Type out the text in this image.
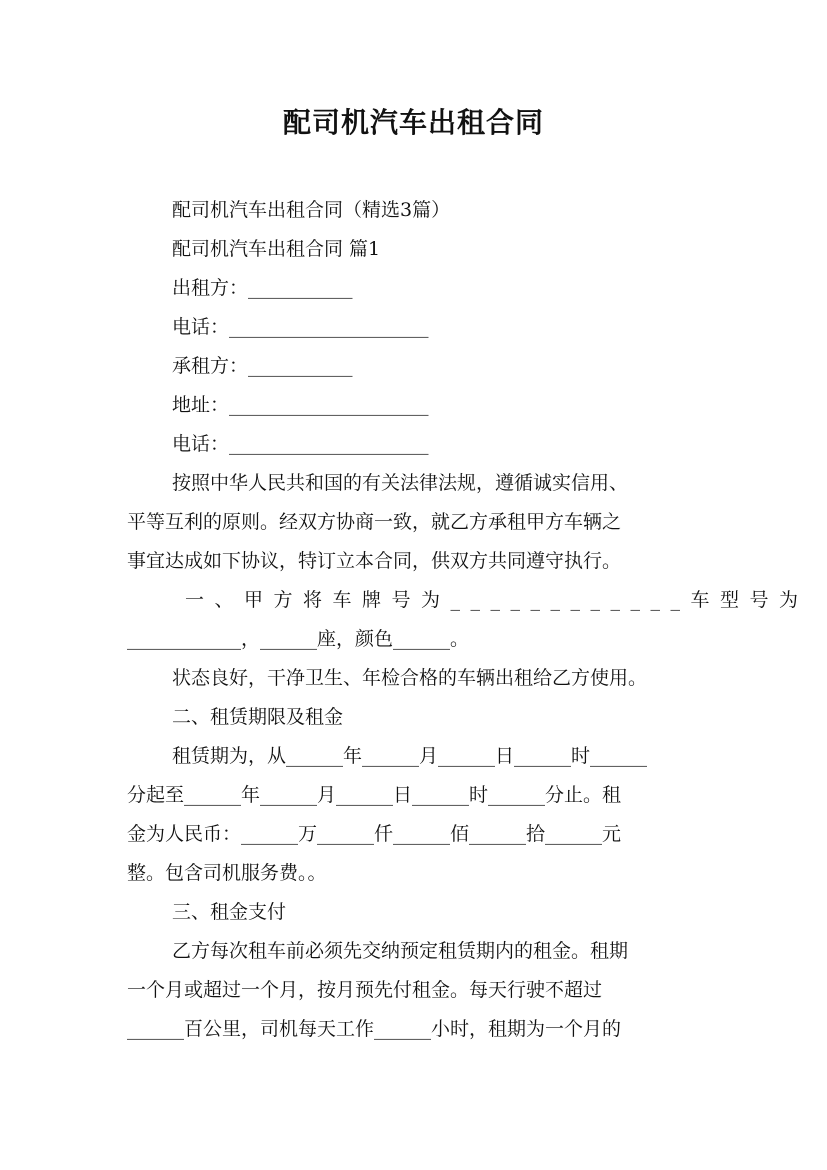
配司机汽车出租合同
配司机汽车出租合同（精选3篇）
配司机汽车出租合同 篇1
出租方：___________
电话：_____________________
承租方：___________
地址：_____________________
电话：_____________________
按照中华人民共和国的有关法律法规，遵循诚实信用、
平等互利的原则。经双方协商一致，就乙方承租甲方车辆之
事宜达成如下协议，特订立本合同，供双方共同遵守执行。
一、甲方将车牌号为____________车型号为
____________，______座，颜色______。
状态良好，干净卫生、年检合格的车辆出租给乙方使用。
二、租赁期限及租金
租赁期为，从______年______月______日______时______
分起至______年______月______日______时______分止。租
金为人民币：______万______仟______佰______拾______元
整。包含司机服务费。。
三、租金支付
乙方每次租车前必须先交纳预定租赁期内的租金。租期
一个月或超过一个月，按月预先付租金。每天行驶不超过
______百公里，司机每天工作______小时，租期为一个月的
